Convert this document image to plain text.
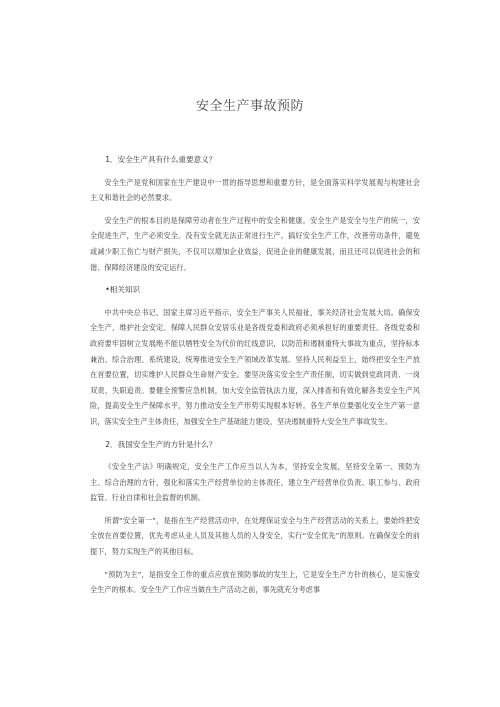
安全生产事故预防
1．安全生产具有什么重要意义？
安全生产是党和国家在生产建设中一贯的指导思想和重要方针，是全面落实科学发展观与构建社会主义和谐社会的必然要求。
安全生产的根本目的是保障劳动者在生产过程中的安全和健康。安全生产是安全与生产的统一，安全促进生产，生产必须安全。没有安全就无法正常进行生产。搞好安全生产工作，改善劳动条件，避免或减少职工伤亡与财产损失，不仅可以增加企业效益，促进企业的健康发展，而且还可以促进社会的和谐、保障经济建设的安定运行。
•相关知识
中共中央总书记、国家主席习近平指示，安全生产事关人民福祉，事关经济社会发展大局。确保安全生产、维护社会安定、保障人民群众安居乐业是各级党委和政府必须承担好的重要责任。各级党委和政府要牢固树立发展绝不能以牺牲安全为代价的红线意识，以防范和遏制重特大事故为重点，坚持标本兼治、综合治理、系统建设，统筹推进安全生产领域改革发展。坚持人民利益至上，始终把安全生产放在首要位置，切实维护人民群众生命财产安全。要坚决落实安全生产责任制，切实做到党政同责、一岗双责、失职追责。要健全预警应急机制，加大安全监管执法力度，深入排查和有效化解各类安全生产风险，提高安全生产保障水平，努力推动安全生产形势实现根本好转。各生产单位要强化安全生产第一意识，落实安全生产主体责任，加强安全生产基础能力建设，坚决遏制重特大安全生产事故发生。
2．我国安全生产的方针是什么？
《安全生产法》明确规定，安全生产工作应当以人为本，坚持安全发展，坚持安全第一、预防为主、综合治理的方针，强化和落实生产经营单位的主体责任，建立生产经营单位负责、职工参与、政府监管、行业自律和社会监督的机制。
所谓“安全第一”，是指在生产经营活动中，在处理保证安全与生产经营活动的关系上，要始终把安全放在首要位置，优先考虑从业人员及其他人员的人身安全，实行“安全优先”的原则。在确保安全的前提下，努力实现生产的其他目标。
“预防为主”，是指安全工作的重点应放在预防事故的发生上，它是安全生产方针的核心，是实施安全生产的根本。安全生产工作应当做在生产活动之前，事先就充分考虑事
